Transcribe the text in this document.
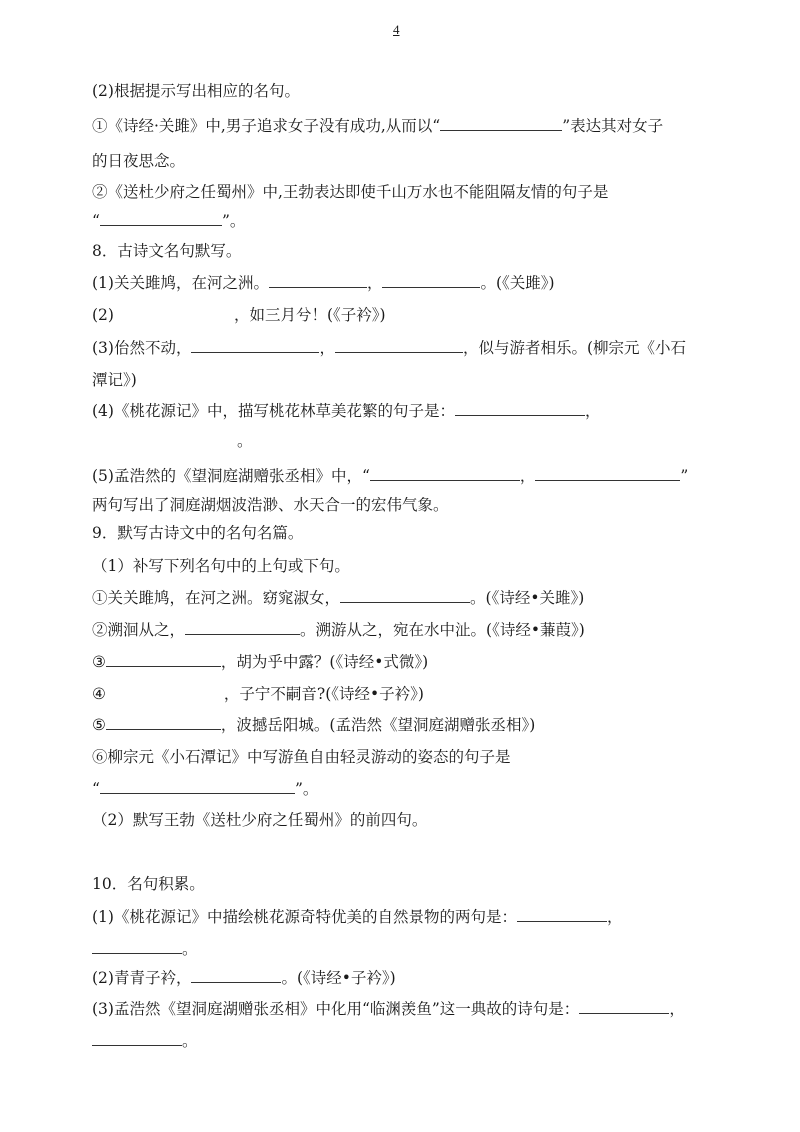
4
(2)根据提示写出相应的名句。
①《诗经·关雎》中,男子追求女子没有成功,从而以“	”表达其对女子
的日夜思念。
②《送杜少府之任蜀州》中,王勃表达即使千山万水也不能阻隔友情的句子是
“	”。
8．古诗文名句默写。
(1)关关雎鸠，在河之洲。	，	。(《关雎》)
(2)	，如三月兮！(《子衿》)
(3)佁然不动，	，	，似与游者相乐。(柳宗元《小石
潭记》)
(4)《桃花源记》中，描写桃花林草美花繁的句子是：	，
。
(5)孟浩然的《望洞庭湖赠张丞相》中，“	，	”
两句写出了洞庭湖烟波浩渺、水天合一的宏伟气象。
9．默写古诗文中的名句名篇。
（1）补写下列名句中的上句或下句。
①关关雎鸠，在河之洲。窈窕淑女，	。(《诗经•关雎》)
②溯洄从之，	。溯游从之，宛在水中沚。(《诗经•蒹葭》)
③	，胡为乎中露？(《诗经•式微》)
④	，子宁不嗣音?(《诗经•子衿》)
⑤	，波撼岳阳城。(孟浩然《望洞庭湖赠张丞相》)
⑥柳宗元《小石潭记》中写游鱼自由轻灵游动的姿态的句子是
“	”。
（2）默写王勃《送杜少府之任蜀州》的前四句。
10．名句积累。
(1)《桃花源记》中描绘桃花源奇特优美的自然景物的两句是：	，
。
(2)青青子衿，	。(《诗经•子衿》)
(3)孟浩然《望洞庭湖赠张丞相》中化用“临渊羡鱼”这一典故的诗句是：	，
。
